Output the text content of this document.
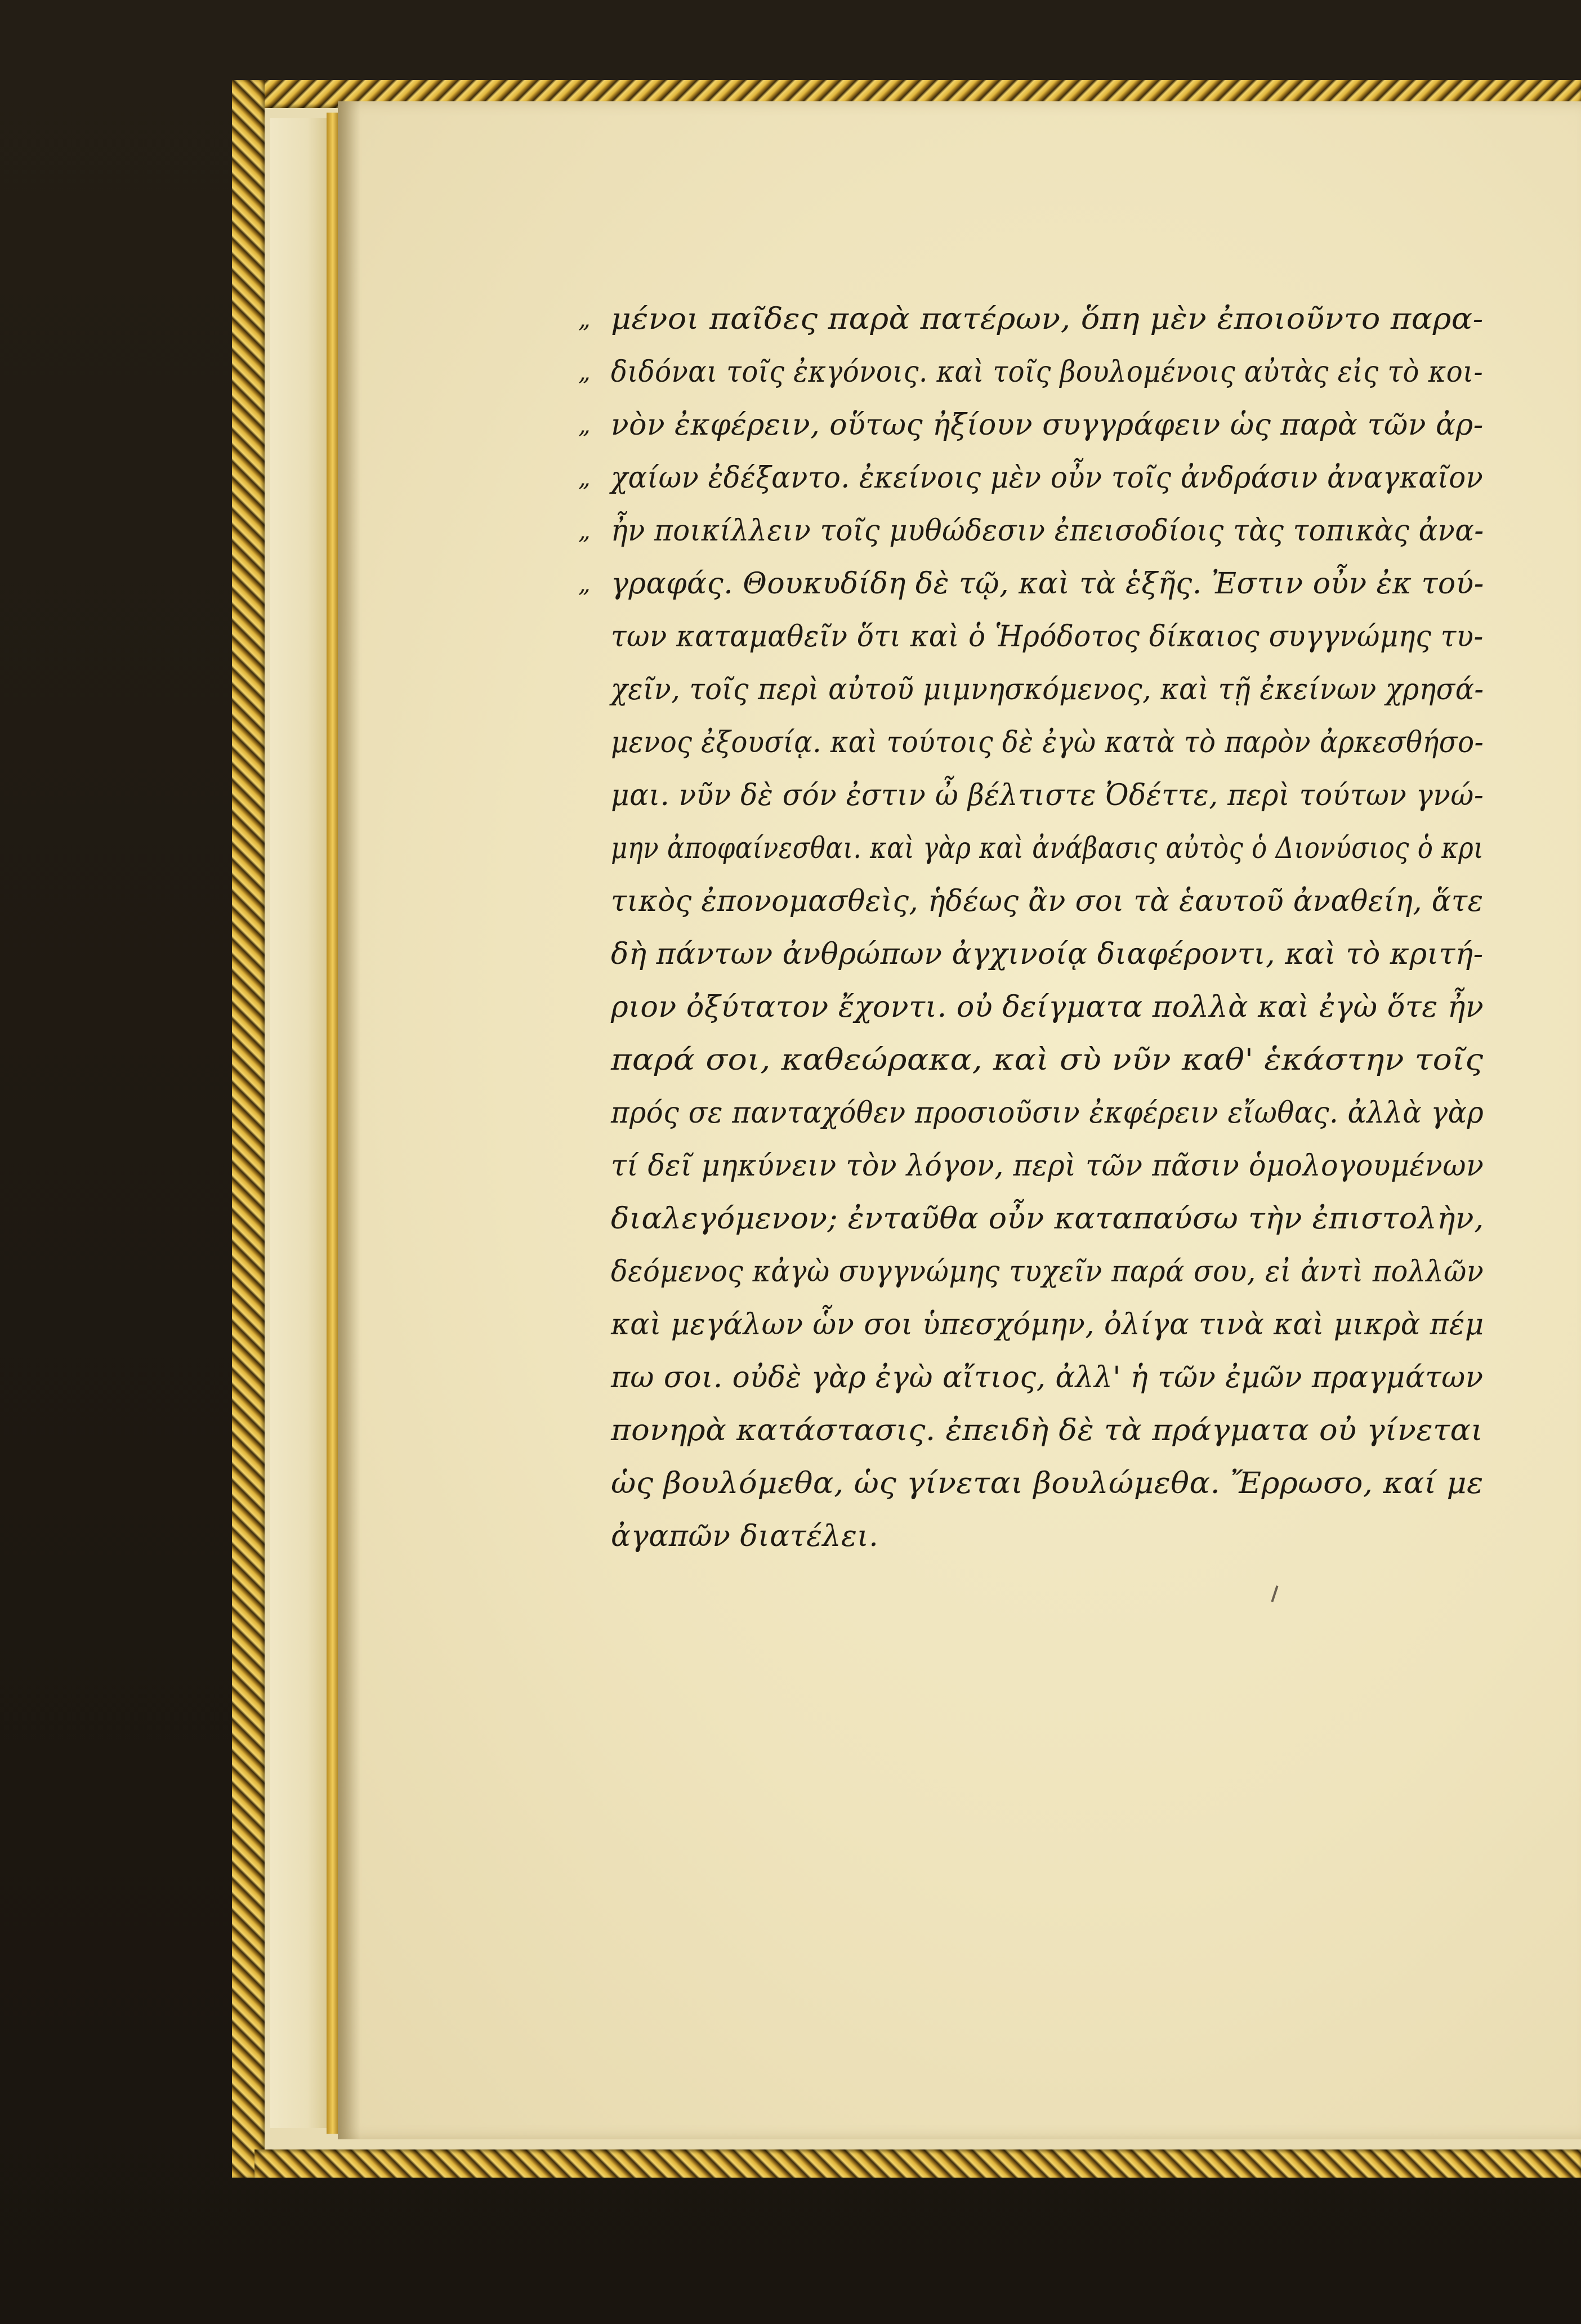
„ μένοι παῖδες παρὰ πατέρων, ὅπη μὲν ἐποιοῦντο παρα-
„ διδόναι τοῖς ἐκγόνοις. καὶ τοῖς βουλομένοις αὐτὰς εἰς τὸ κοι-
„ νὸν ἐκφέρειν, οὕτως ἠξίουν συγγράφειν ὡς παρὰ τῶν ἀρ-
„ χαίων ἐδέξαντο. ἐκείνοις μὲν οὖν τοῖς ἀνδράσιν ἀναγκαῖον
„ ἦν ποικίλλειν τοῖς μυθώδεσιν ἐπεισοδίοις τὰς τοπικὰς ἀνα-
„ γραφάς. Θουκυδίδη δὲ τῷ, καὶ τὰ ἑξῆς. Ἐστιν οὖν ἐκ τού-
των καταμαθεῖν ὅτι καὶ ὁ Ἡρόδοτος δίκαιος συγγνώμης τυ-
χεῖν, τοῖς περὶ αὐτοῦ μιμνησκόμενος, καὶ τῇ ἐκείνων χρησά-
μενος ἐξουσίᾳ. καὶ τούτοις δὲ ἐγὼ κατὰ τὸ παρὸν ἀρκεσθήσο-
μαι. νῦν δὲ σόν ἐστιν ὦ βέλτιστε Ὀδέττε, περὶ τούτων γνώ-
μην ἀποφαίνεσθαι. καὶ γὰρ καὶ ἀνάβασις αὐτὸς ὁ Διονύσιος ὁ κρι
τικὸς ἐπονομασθεὶς, ἡδέως ἂν σοι τὰ ἑαυτοῦ ἀναθείη, ἅτε
δὴ πάντων ἀνθρώπων ἀγχινοίᾳ διαφέροντι, καὶ τὸ κριτή-
ριον ὀξύτατον ἔχοντι. οὐ δείγματα πολλὰ καὶ ἐγὼ ὅτε ἦν
παρά σοι, καθεώρακα, καὶ σὺ νῦν καθ' ἑκάστην τοῖς
πρός σε πανταχόθεν προσιοῦσιν ἐκφέρειν εἴωθας. ἀλλὰ γὰρ
τί δεῖ μηκύνειν τὸν λόγον, περὶ τῶν πᾶσιν ὁμολογουμένων
διαλεγόμενον; ἐνταῦθα οὖν καταπαύσω τὴν ἐπιστολὴν,
δεόμενος κἀγὼ συγγνώμης τυχεῖν παρά σου, εἰ ἀντὶ πολλῶν
καὶ μεγάλων ὧν σοι ὑπεσχόμην, ὀλίγα τινὰ καὶ μικρὰ πέμ
πω σοι. οὐδὲ γὰρ ἐγὼ αἴτιος, ἀλλ' ἡ τῶν ἐμῶν πραγμάτων
πονηρὰ κατάστασις. ἐπειδὴ δὲ τὰ πράγματα οὐ γίνεται
ὡς βουλόμεθα, ὡς γίνεται βουλώμεθα. Ἔρρωσο, καί με
ἀγαπῶν διατέλει.
